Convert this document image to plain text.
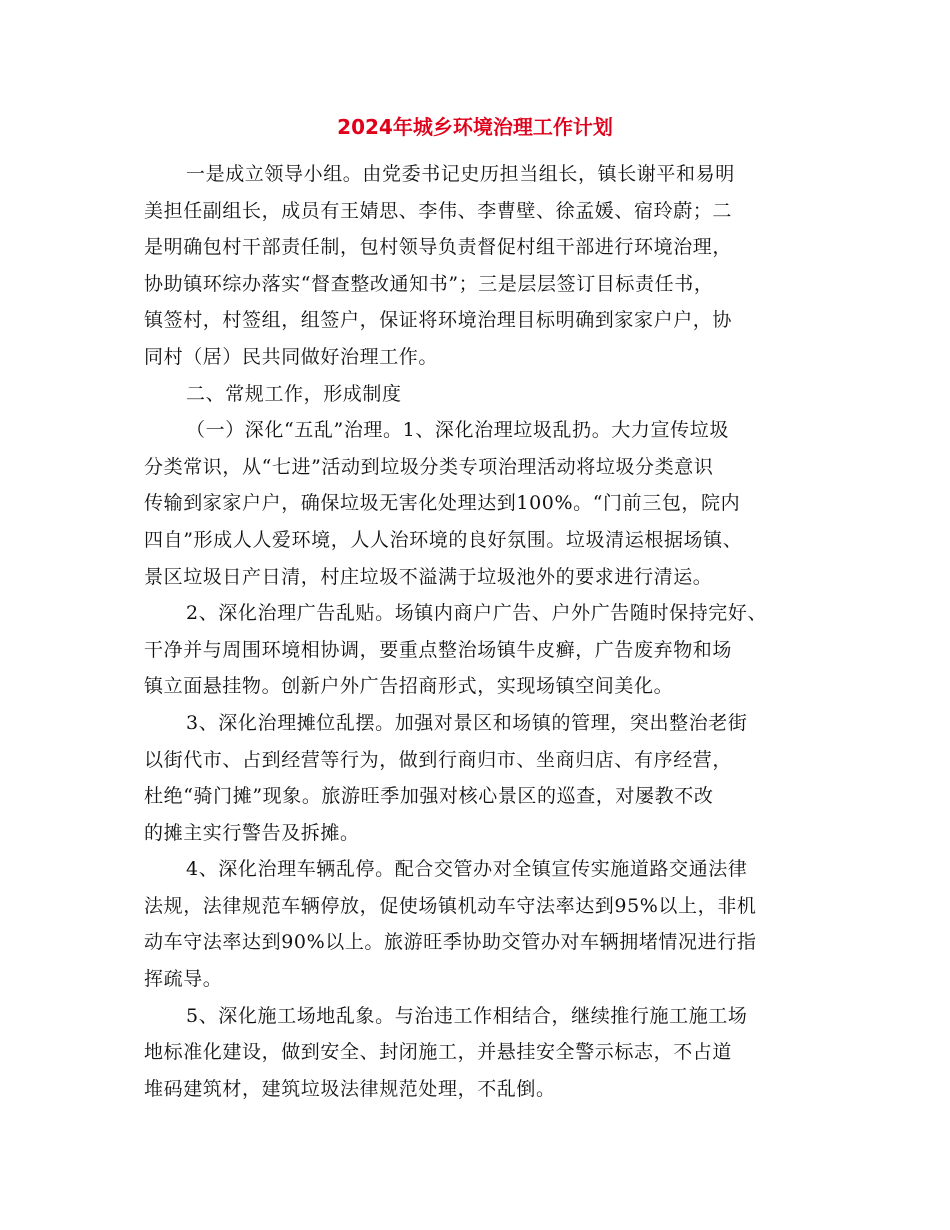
2024年城乡环境治理工作计划
一是成立领导小组。由党委书记史历担当组长，镇长谢平和易明
美担任副组长，成员有王婧思、李伟、李曹壁、徐孟媛、宿玲蔚；二
是明确包村干部责任制，包村领导负责督促村组干部进行环境治理，
协助镇环综办落实“督查整改通知书”；三是层层签订目标责任书，
镇签村，村签组，组签户，保证将环境治理目标明确到家家户户，协
同村（居）民共同做好治理工作。
二、常规工作，形成制度
（一）深化“五乱”治理。1、深化治理垃圾乱扔。大力宣传垃圾
分类常识，从“七进”活动到垃圾分类专项治理活动将垃圾分类意识
传输到家家户户，确保垃圾无害化处理达到100%。“门前三包，院内
四自”形成人人爱环境，人人治环境的良好氛围。垃圾清运根据场镇、
景区垃圾日产日清，村庄垃圾不溢满于垃圾池外的要求进行清运。
2、深化治理广告乱贴。场镇内商户广告、户外广告随时保持完好、
干净并与周围环境相协调，要重点整治场镇牛皮癣，广告废弃物和场
镇立面悬挂物。创新户外广告招商形式，实现场镇空间美化。
3、深化治理摊位乱摆。加强对景区和场镇的管理，突出整治老街
以街代市、占到经营等行为，做到行商归市、坐商归店、有序经营，
杜绝“骑门摊”现象。旅游旺季加强对核心景区的巡查，对屡教不改
的摊主实行警告及拆摊。
4、深化治理车辆乱停。配合交管办对全镇宣传实施道路交通法律
法规，法律规范车辆停放，促使场镇机动车守法率达到95%以上，非机
动车守法率达到90%以上。旅游旺季协助交管办对车辆拥堵情况进行指
挥疏导。
5、深化施工场地乱象。与治违工作相结合，继续推行施工施工场
地标准化建设，做到安全、封闭施工，并悬挂安全警示标志，不占道
堆码建筑材，建筑垃圾法律规范处理，不乱倒。
